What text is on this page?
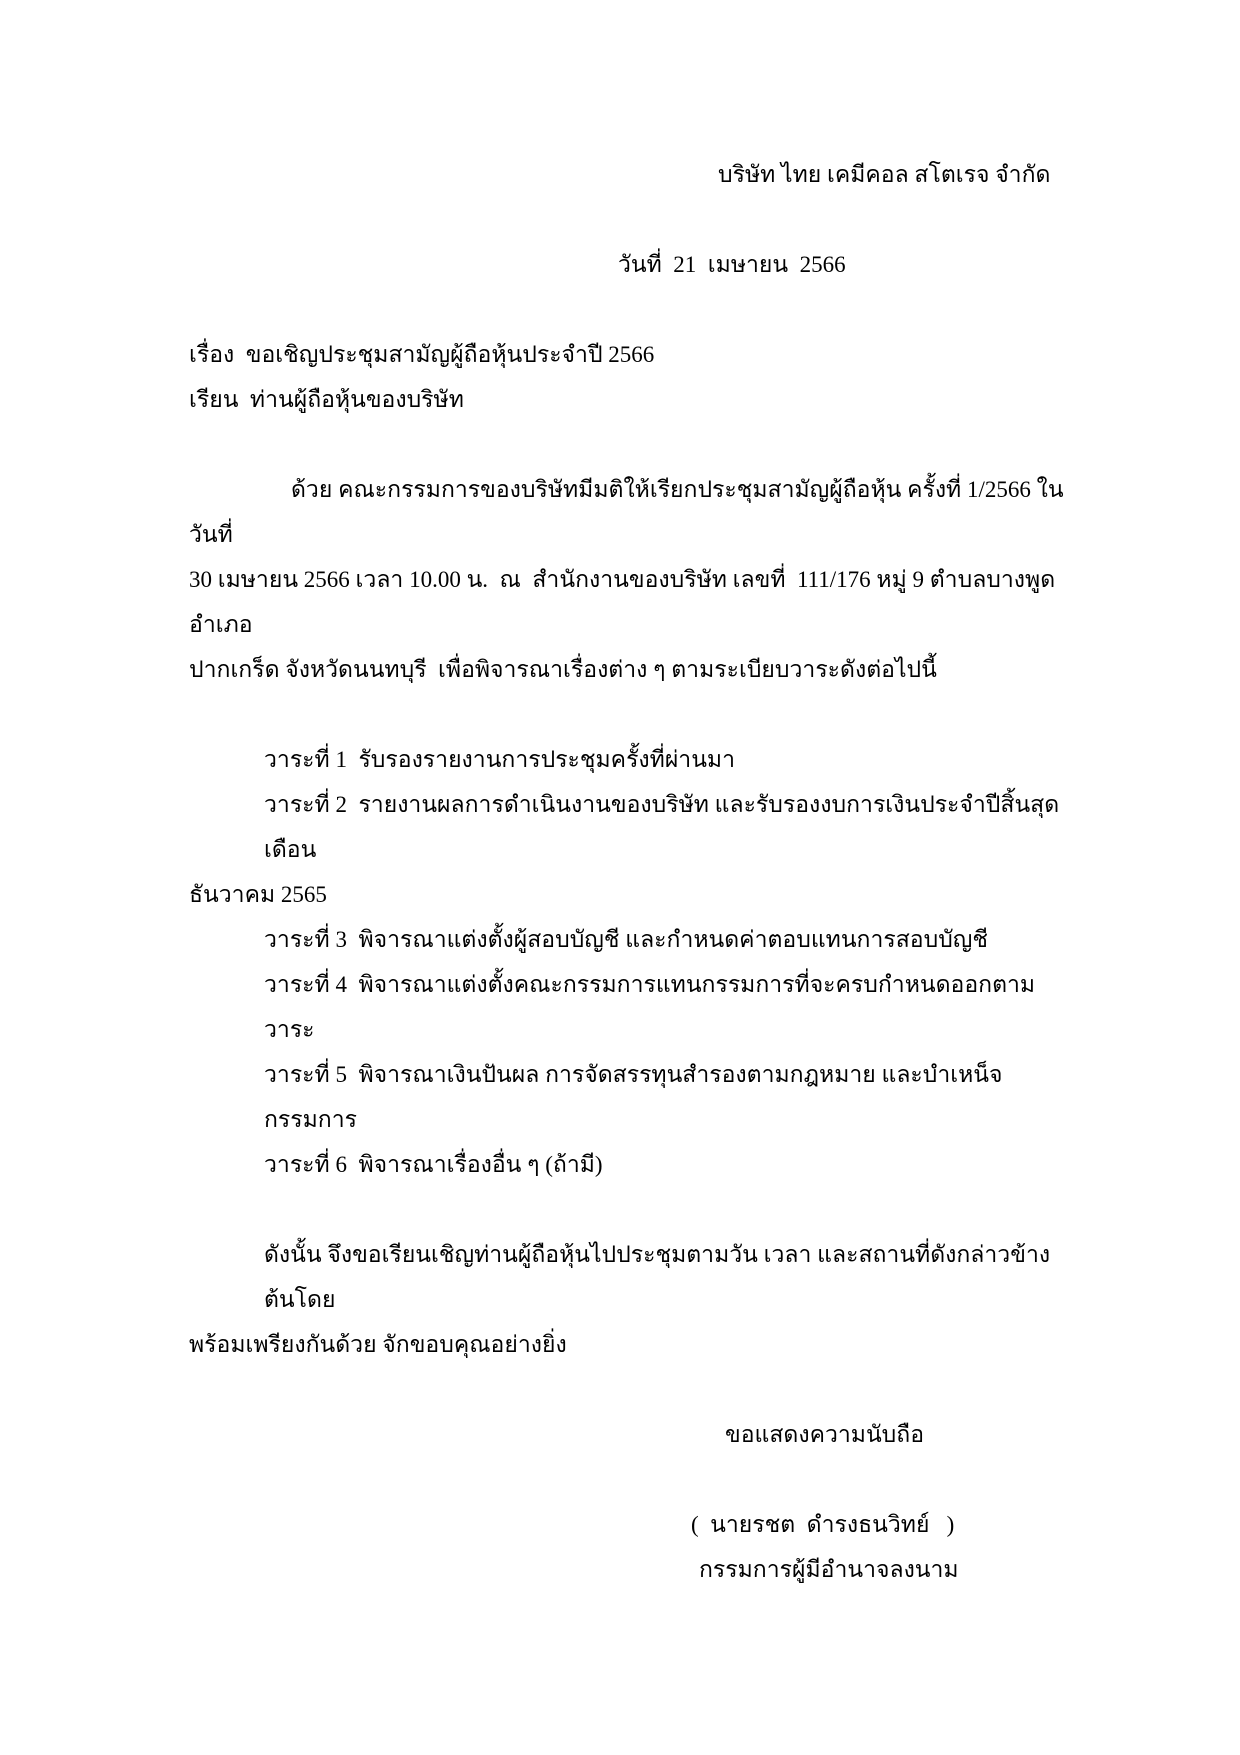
บริษัท ไทย เคมีคอล สโตเรจ จำกัด
วันที่  21  เมษายน  2566
เรื่อง  ขอเชิญประชุมสามัญผู้ถือหุ้นประจำปี 2566
เรียน  ท่านผู้ถือหุ้นของบริษัท
ด้วย คณะกรรมการของบริษัทมีมติให้เรียกประชุมสามัญผู้ถือหุ้น ครั้งที่ 1/2566 ในวันที่
30 เมษายน 2566 เวลา 10.00 น.  ณ  สำนักงานของบริษัท เลขที่  111/176 หมู่ 9 ตำบลบางพูด อำเภอ
ปากเกร็ด จังหวัดนนทบุรี  เพื่อพิจารณาเรื่องต่าง ๆ ตามระเบียบวาระดังต่อไปนี้
วาระที่ 1  รับรองรายงานการประชุมครั้งที่ผ่านมา
วาระที่ 2  รายงานผลการดำเนินงานของบริษัท และรับรองงบการเงินประจำปีสิ้นสุดเดือน
ธันวาคม 2565
วาระที่ 3  พิจารณาแต่งตั้งผู้สอบบัญชี และกำหนดค่าตอบแทนการสอบบัญชี
วาระที่ 4  พิจารณาแต่งตั้งคณะกรรมการแทนกรรมการที่จะครบกำหนดออกตามวาระ
วาระที่ 5  พิจารณาเงินปันผล การจัดสรรทุนสำรองตามกฎหมาย และบำเหน็จกรรมการ
วาระที่ 6  พิจารณาเรื่องอื่น ๆ (ถ้ามี)
ดังนั้น จึงขอเรียนเชิญท่านผู้ถือหุ้นไปประชุมตามวัน เวลา และสถานที่ดังกล่าวข้างต้นโดย
พร้อมเพรียงกันด้วย จักขอบคุณอย่างยิ่ง
ขอแสดงความนับถือ
(  นายรชต  ดำรงธนวิทย์   )
กรรมการผู้มีอำนาจลงนาม
